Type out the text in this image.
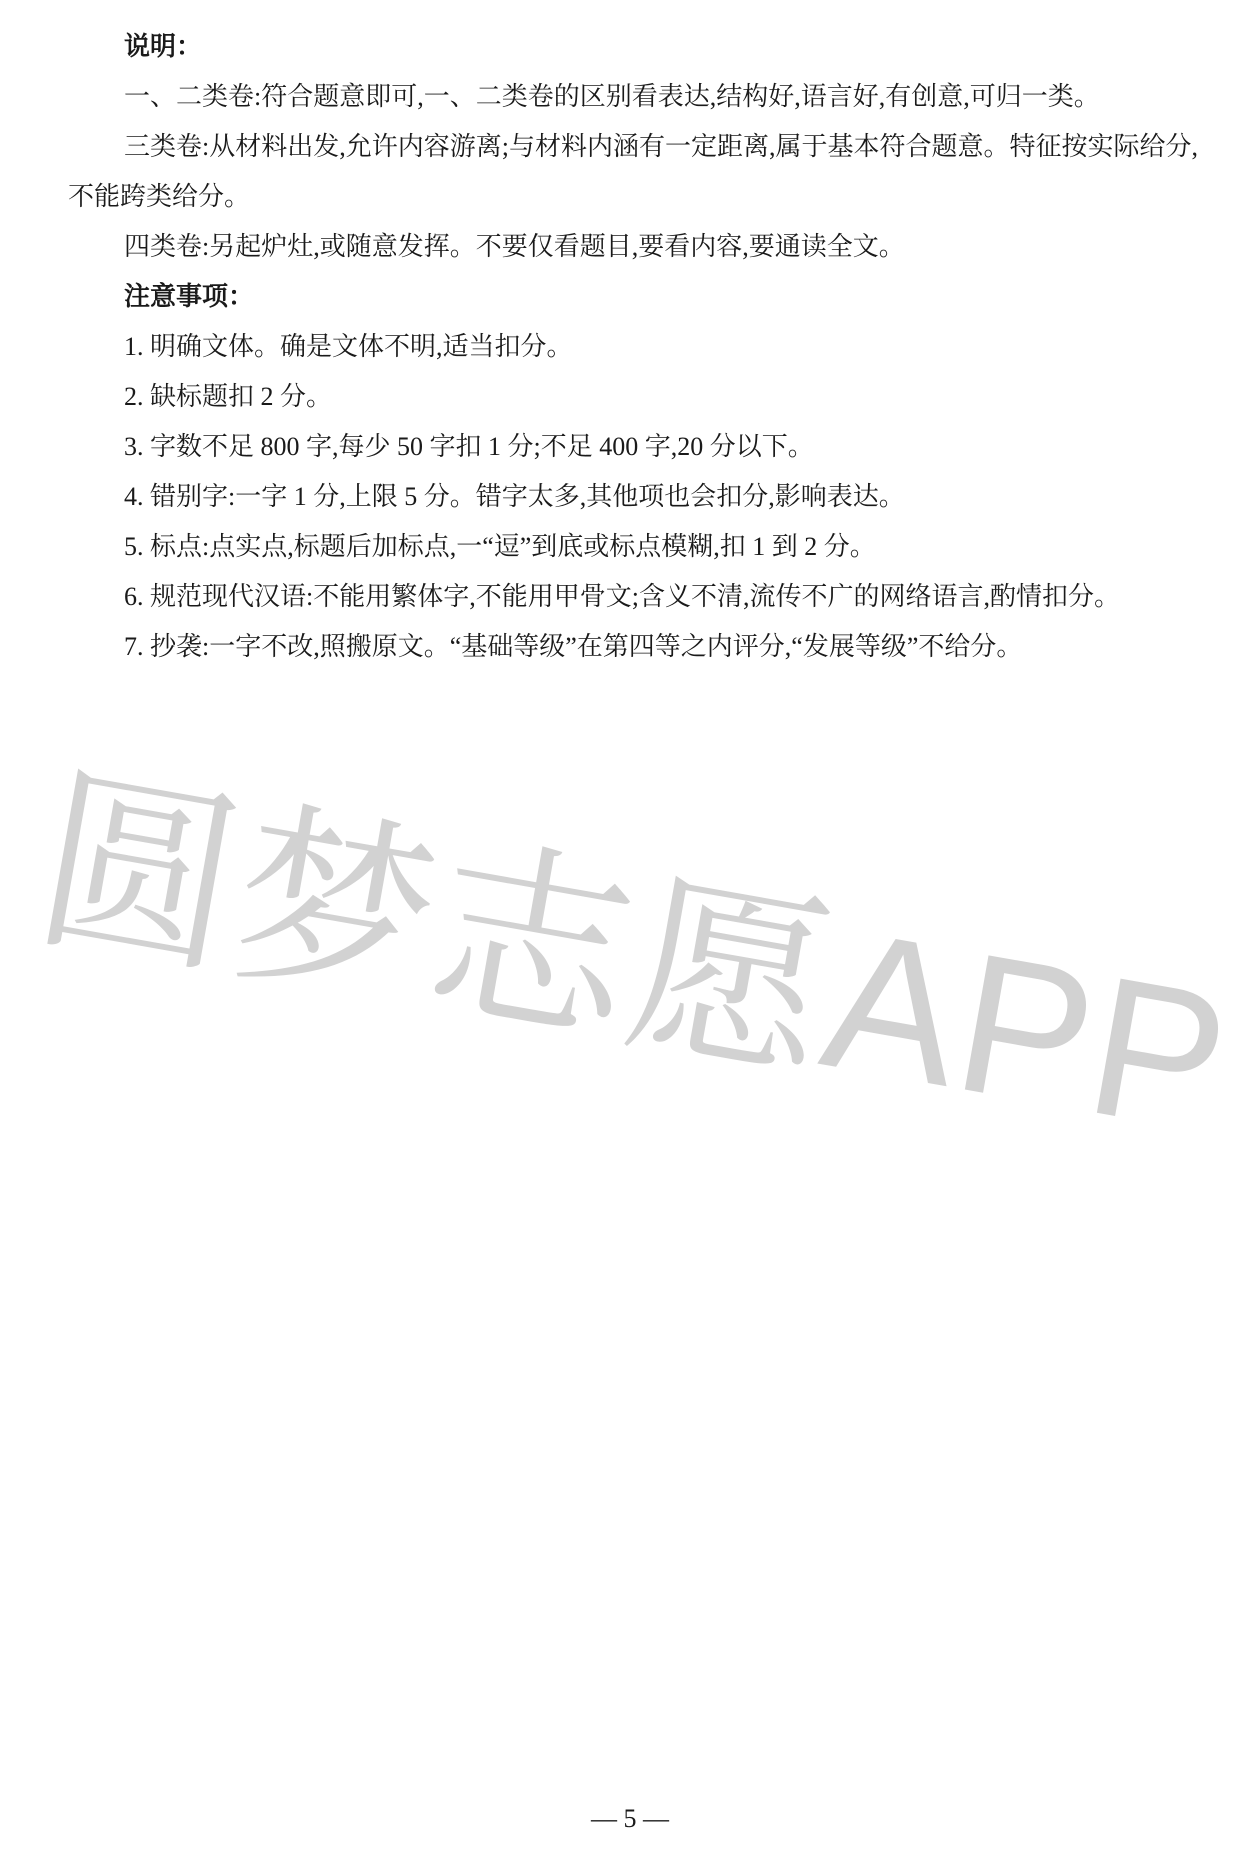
圆梦志愿APP

说明：

一、二类卷:符合题意即可,一、二类卷的区别看表达,结构好,语言好,有创意,可归一类。

三类卷:从材料出发,允许内容游离;与材料内涵有一定距离,属于基本符合题意。特征按实际给分,不能跨类给分。

四类卷:另起炉灶,或随意发挥。不要仅看题目,要看内容,要通读全文。

注意事项：

1. 明确文体。确是文体不明,适当扣分。

2. 缺标题扣 2 分。

3. 字数不足 800 字,每少 50 字扣 1 分;不足 400 字,20 分以下。

4. 错别字:一字 1 分,上限 5 分。错字太多,其他项也会扣分,影响表达。

5. 标点:点实点,标题后加标点,一“逗”到底或标点模糊,扣 1 到 2 分。

6. 规范现代汉语:不能用繁体字,不能用甲骨文;含义不清,流传不广的网络语言,酌情扣分。

7. 抄袭:一字不改,照搬原文。“基础等级”在第四等之内评分,“发展等级”不给分。

— 5 —
